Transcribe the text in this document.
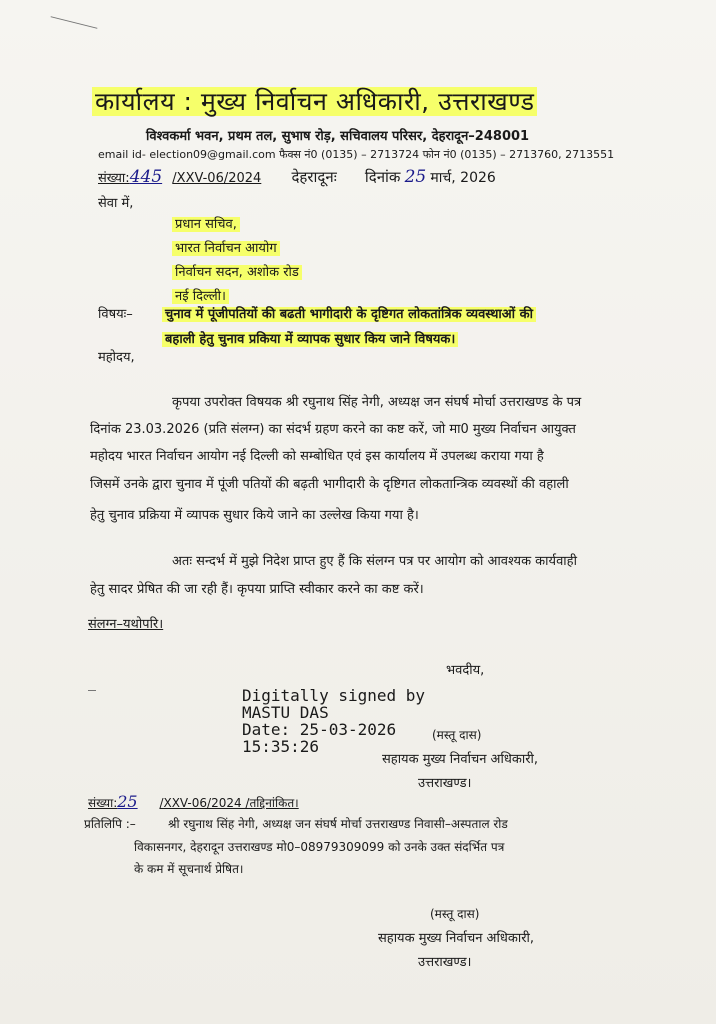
कार्यालय : मुख्य निर्वाचन अधिकारी, उत्तराखण्ड
विश्वकर्मा भवन, प्रथम तल, सुभाष रोड़, सचिवालय परिसर, देहरादून–248001
email id- election09@gmail.com फैक्स नं0 (0135) – 2713724 फोन नं0 (0135) – 2713760, 2713551
संख्या:445 /XXV-06/2024 देहरादूनः दिनांक 25 मार्च, 2026
सेवा में,
प्रधान सचिव,
भारत निर्वाचन आयोग
निर्वाचन सदन, अशोक रोड
नई दिल्ली।
विषयः– चुनाव में पूंजीपतियों की बढती भागीदारी के दृष्टिगत लोकतांत्रिक व्यवस्थाओं की
बहाली हेतु चुनाव प्रकिया में व्यापक सुधार किय जाने विषयक।
महोदय,
कृपया उपरोक्त विषयक श्री रघुनाथ सिंह नेगी, अध्यक्ष जन संघर्ष मोर्चा उत्तराखण्ड के पत्र
दिनांक 23.03.2026 (प्रति संलग्न) का संदर्भ ग्रहण करने का कष्ट करें, जो मा0 मुख्य निर्वाचन आयुक्त
महोदय भारत निर्वाचन आयोग नई दिल्ली को सम्बोधित एवं इस कार्यालय में उपलब्ध कराया गया है
जिसमें उनके द्वारा चुनाव में पूंजी पतियों की बढ़ती भागीदारी के दृष्टिगत लोकतान्त्रिक व्यवस्थों की वहाली
हेतु चुनाव प्रक्रिया में व्यापक सुधार किये जाने का उल्लेख किया गया है।
अतः सन्दर्भ में मुझे निदेश प्राप्त हुए हैं कि संलग्न पत्र पर आयोग को आवश्यक कार्यवाही
हेतु सादर प्रेषित की जा रही हैं। कृपया प्राप्ति स्वीकार करने का कष्ट करें।
संलग्न–यथोपरि।
भवदीय,
Digitally signed by
MASTU DAS
Date: 25-03-2026
15:35:26
(मस्तू दास)
सहायक मुख्य निर्वाचन अधिकारी,
उत्तराखण्ड।
संख्या:25 /XXV-06/2024 /तद्दिनांकित।
प्रतिलिपि :–	श्री रघुनाथ सिंह नेगी, अध्यक्ष जन संघर्ष मोर्चा उत्तराखण्ड निवासी–अस्पताल रोड
विकासनगर, देहरादून उत्तराखण्ड मो0–08979309099 को उनके उक्त संदर्भित पत्र
के कम में सूचनार्थ प्रेषित।
(मस्तू दास)
सहायक मुख्य निर्वाचन अधिकारी,
उत्तराखण्ड।
